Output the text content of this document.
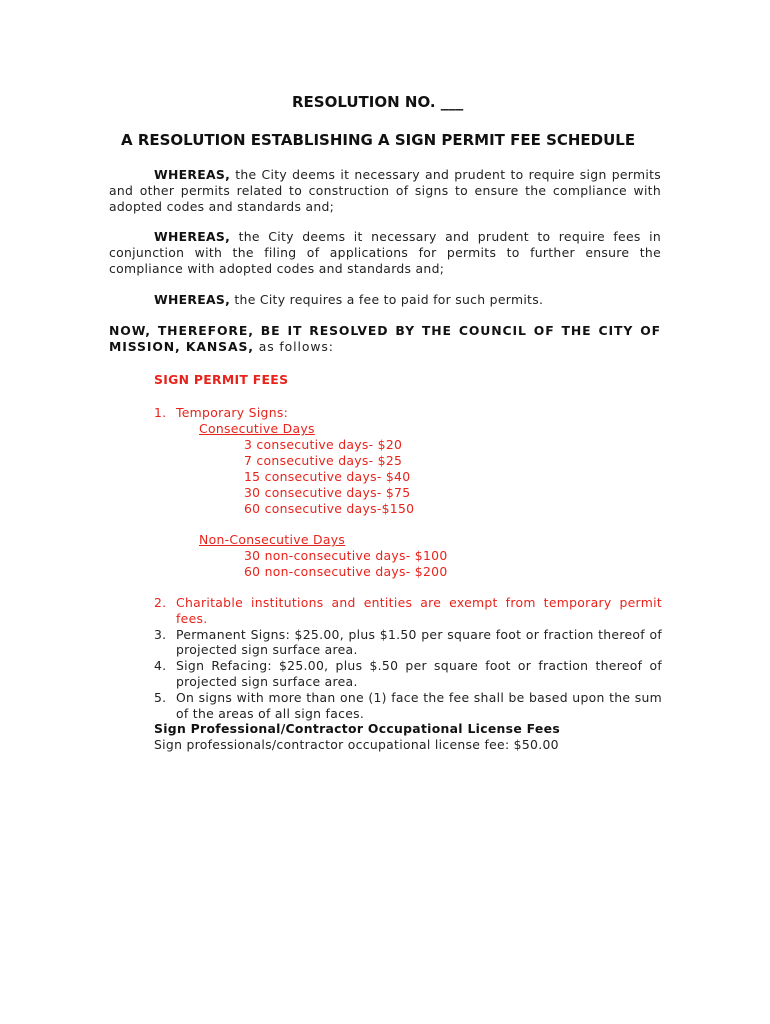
RESOLUTION NO. ___
A RESOLUTION ESTABLISHING A SIGN PERMIT FEE SCHEDULE

WHEREAS, the City deems it necessary and prudent to require sign permits and other permits related to construction of signs to ensure the compliance with adopted codes and standards and;

WHEREAS, the City deems it necessary and prudent to require fees in conjunction with the filing of applications for permits to further ensure the compliance with adopted codes and standards and;

WHEREAS, the City requires a fee to paid for such permits.

NOW, THEREFORE, BE IT RESOLVED BY THE COUNCIL OF THE CITY OF MISSION, KANSAS, as follows:

SIGN PERMIT FEES
1. Temporary Signs:
Consecutive Days
3 consecutive days- $20
7 consecutive days- $25
15 consecutive days- $40
30 consecutive days- $75
60 consecutive days-$150
Non-Consecutive Days
30 non-consecutive days- $100
60 non-consecutive days- $200
2. Charitable institutions and entities are exempt from temporary permit fees.
3. Permanent Signs: $25.00, plus $1.50 per square foot or fraction thereof of projected sign surface area.
4. Sign Refacing: $25.00, plus $.50 per square foot or fraction thereof of projected sign surface area.
5. On signs with more than one (1) face the fee shall be based upon the sum of the areas of all sign faces.
Sign Professional/Contractor Occupational License Fees
Sign professionals/contractor occupational license fee: $50.00
